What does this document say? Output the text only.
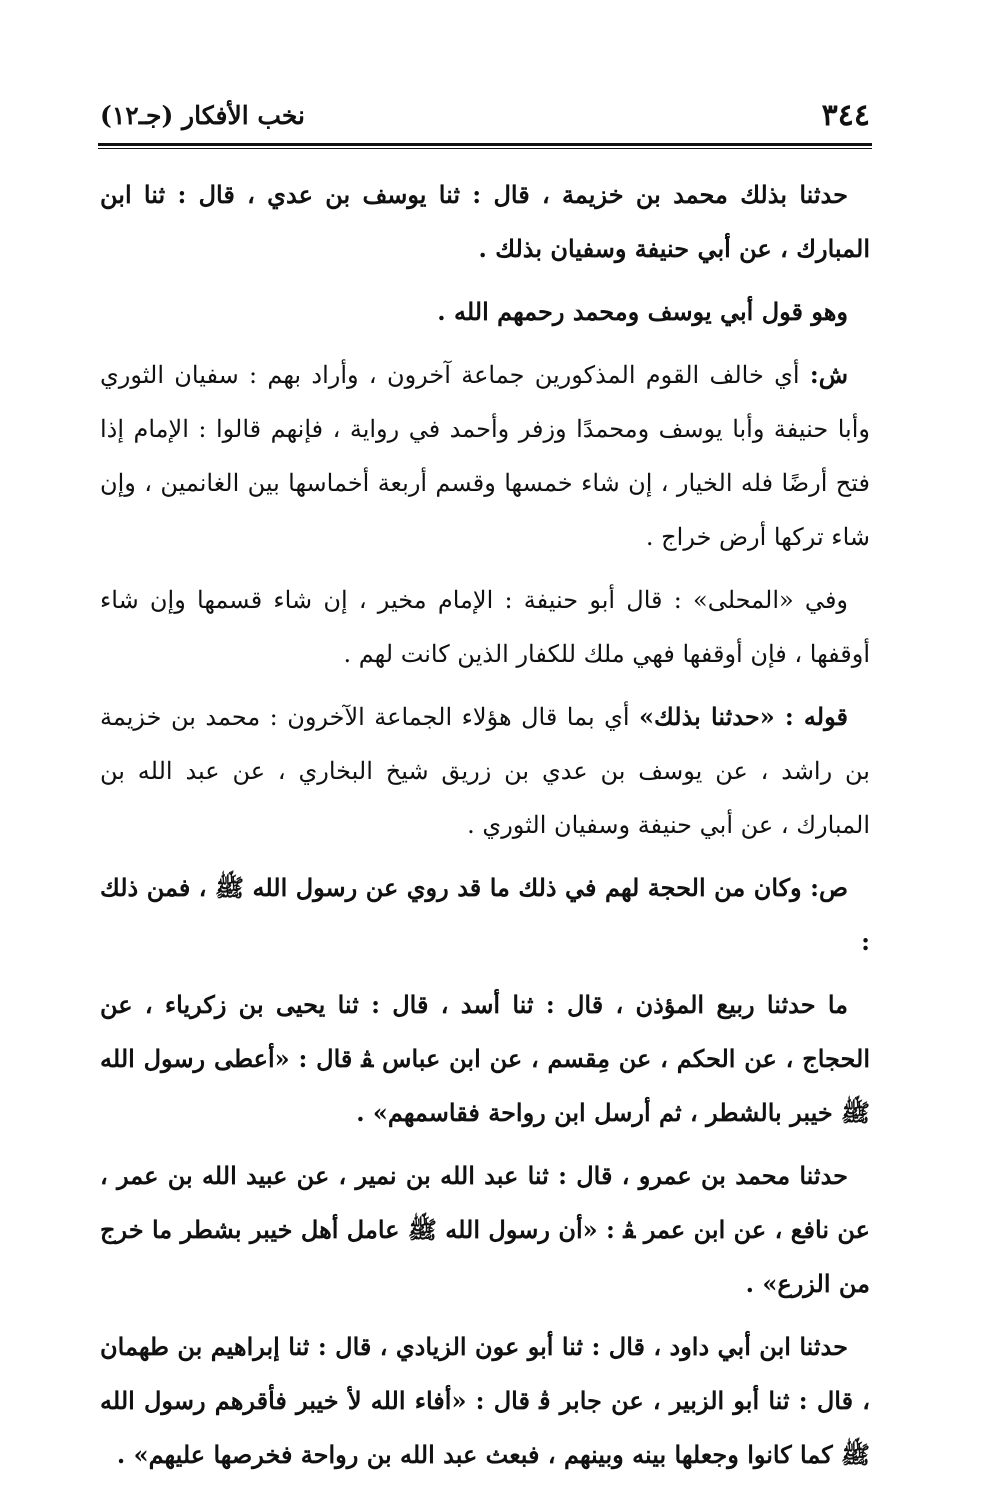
٣٤٤
نخب الأفكار (جـ١٢)

حدثنا بذلك محمد بن خزيمة ، قال : ثنا يوسف بن عدي ، قال : ثنا ابن المبارك ، عن أبي حنيفة وسفيان بذلك .

وهو قول أبي يوسف ومحمد رحمهم الله .

ش: أي خالف القوم المذكورين جماعة آخرون ، وأراد بهم : سفيان الثوري وأبا حنيفة وأبا يوسف ومحمدًا وزفر وأحمد في رواية ، فإنهم قالوا : الإمام إذا فتح أرضًا فله الخيار ، إن شاء خمسها وقسم أربعة أخماسها بين الغانمين ، وإن شاء تركها أرض خراج .

وفي «المحلى» : قال أبو حنيفة : الإمام مخير ، إن شاء قسمها وإن شاء أوقفها ، فإن أوقفها فهي ملك للكفار الذين كانت لهم .

قوله : «حدثنا بذلك» أي بما قال هؤلاء الجماعة الآخرون : محمد بن خزيمة بن راشد ، عن يوسف بن عدي بن زريق شيخ البخاري ، عن عبد الله بن المبارك ، عن أبي حنيفة وسفيان الثوري .

ص: وكان من الحجة لهم في ذلك ما قد روي عن رسول الله ﷺ ، فمن ذلك :

ما حدثنا ربيع المؤذن ، قال : ثنا أسد ، قال : ثنا يحيى بن زكرياء ، عن الحجاج ، عن الحكم ، عن مِقسم ، عن ابن عباس ﭭ قال : «أعطى رسول الله ﷺ خيبر بالشطر ، ثم أرسل ابن رواحة فقاسمهم» .

حدثنا محمد بن عمرو ، قال : ثنا عبد الله بن نمير ، عن عبيد الله بن عمر ، عن نافع ، عن ابن عمر ﭭ : «أن رسول الله ﷺ عامل أهل خيبر بشطر ما خرج من الزرع» .

حدثنا ابن أبي داود ، قال : ثنا أبو عون الزيادي ، قال : ثنا إبراهيم بن طهمان ، قال : ثنا أبو الزبير ، عن جابر ﭬ قال : «أفاء الله ﻷ خيبر فأقرهم رسول الله ﷺ كما كانوا وجعلها بينه وبينهم ، فبعث عبد الله بن رواحة فخرصها عليهم» .
